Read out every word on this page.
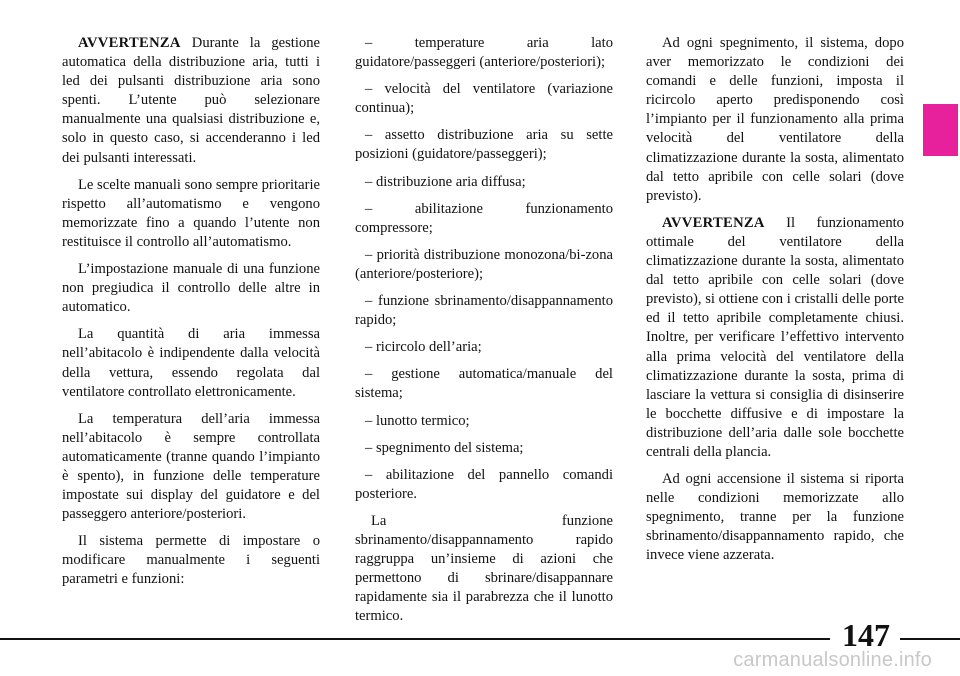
AVVERTENZA Durante la gestione automatica della distribuzione aria, tutti i led dei pulsanti distribuzione aria sono spenti. L’utente può selezionare manualmente una qualsiasi distribuzione e, solo in questo caso, si accenderanno i led dei pulsanti interessati.

Le scelte manuali sono sempre prioritarie rispetto all’automatismo e vengono memorizzate fino a quando l’utente non restituisce il controllo all’automatismo.

L’impostazione manuale di una funzione non pregiudica il controllo delle altre in automatico.

La quantità di aria immessa nell’abitacolo è indipendente dalla velocità della vettura, essendo regolata dal ventilatore controllato elettronicamente.

La temperatura dell’aria immessa nell’abitacolo è sempre controllata automaticamente (tranne quando l’impianto è spento), in funzione delle temperature impostate sui display del guidatore e del passeggero anteriore/posteriori.

Il sistema permette di impostare o modificare manualmente i seguenti parametri e funzioni:

– temperature aria lato guidatore/passeggeri (anteriore/posteriori);

– velocità del ventilatore (variazione continua);

– assetto distribuzione aria su sette posizioni (guidatore/passeggeri);

– distribuzione aria diffusa;

– abilitazione funzionamento compressore;

– priorità distribuzione monozona/bi-zona (anteriore/posteriore);

– funzione sbrinamento/disappannamento rapido;

– ricircolo dell’aria;

– gestione automatica/manuale del sistema;

– lunotto termico;

– spegnimento del sistema;

– abilitazione del pannello comandi posteriore.

La funzione sbrinamento/disappannamento rapido raggruppa un’insieme di azioni che permettono di sbrinare/disappannare rapidamente sia il parabrezza che il lunotto termico.

Ad ogni spegnimento, il sistema, dopo aver memorizzato le condizioni dei comandi e delle funzioni, imposta il ricircolo aperto predisponendo così l’impianto per il funzionamento alla prima velocità del ventilatore della climatizzazione durante la sosta, alimentato dal tetto apribile con celle solari (dove previsto).

AVVERTENZA Il funzionamento ottimale del ventilatore della climatizzazione durante la sosta, alimentato dal tetto apribile con celle solari (dove previsto), si ottiene con i cristalli delle porte ed il tetto apribile completamente chiusi. Inoltre, per verificare l’effettivo intervento alla prima velocità del ventilatore della climatizzazione durante la sosta, prima di lasciare la vettura si consiglia di disinserire le bocchette diffusive e di impostare la distribuzione dell’aria dalle sole bocchette centrali della plancia.

Ad ogni accensione il sistema si riporta nelle condizioni memorizzate allo spegnimento, tranne per la funzione sbrinamento/disappannamento rapido, che invece viene azzerata.

147
carmanualsonline.info
